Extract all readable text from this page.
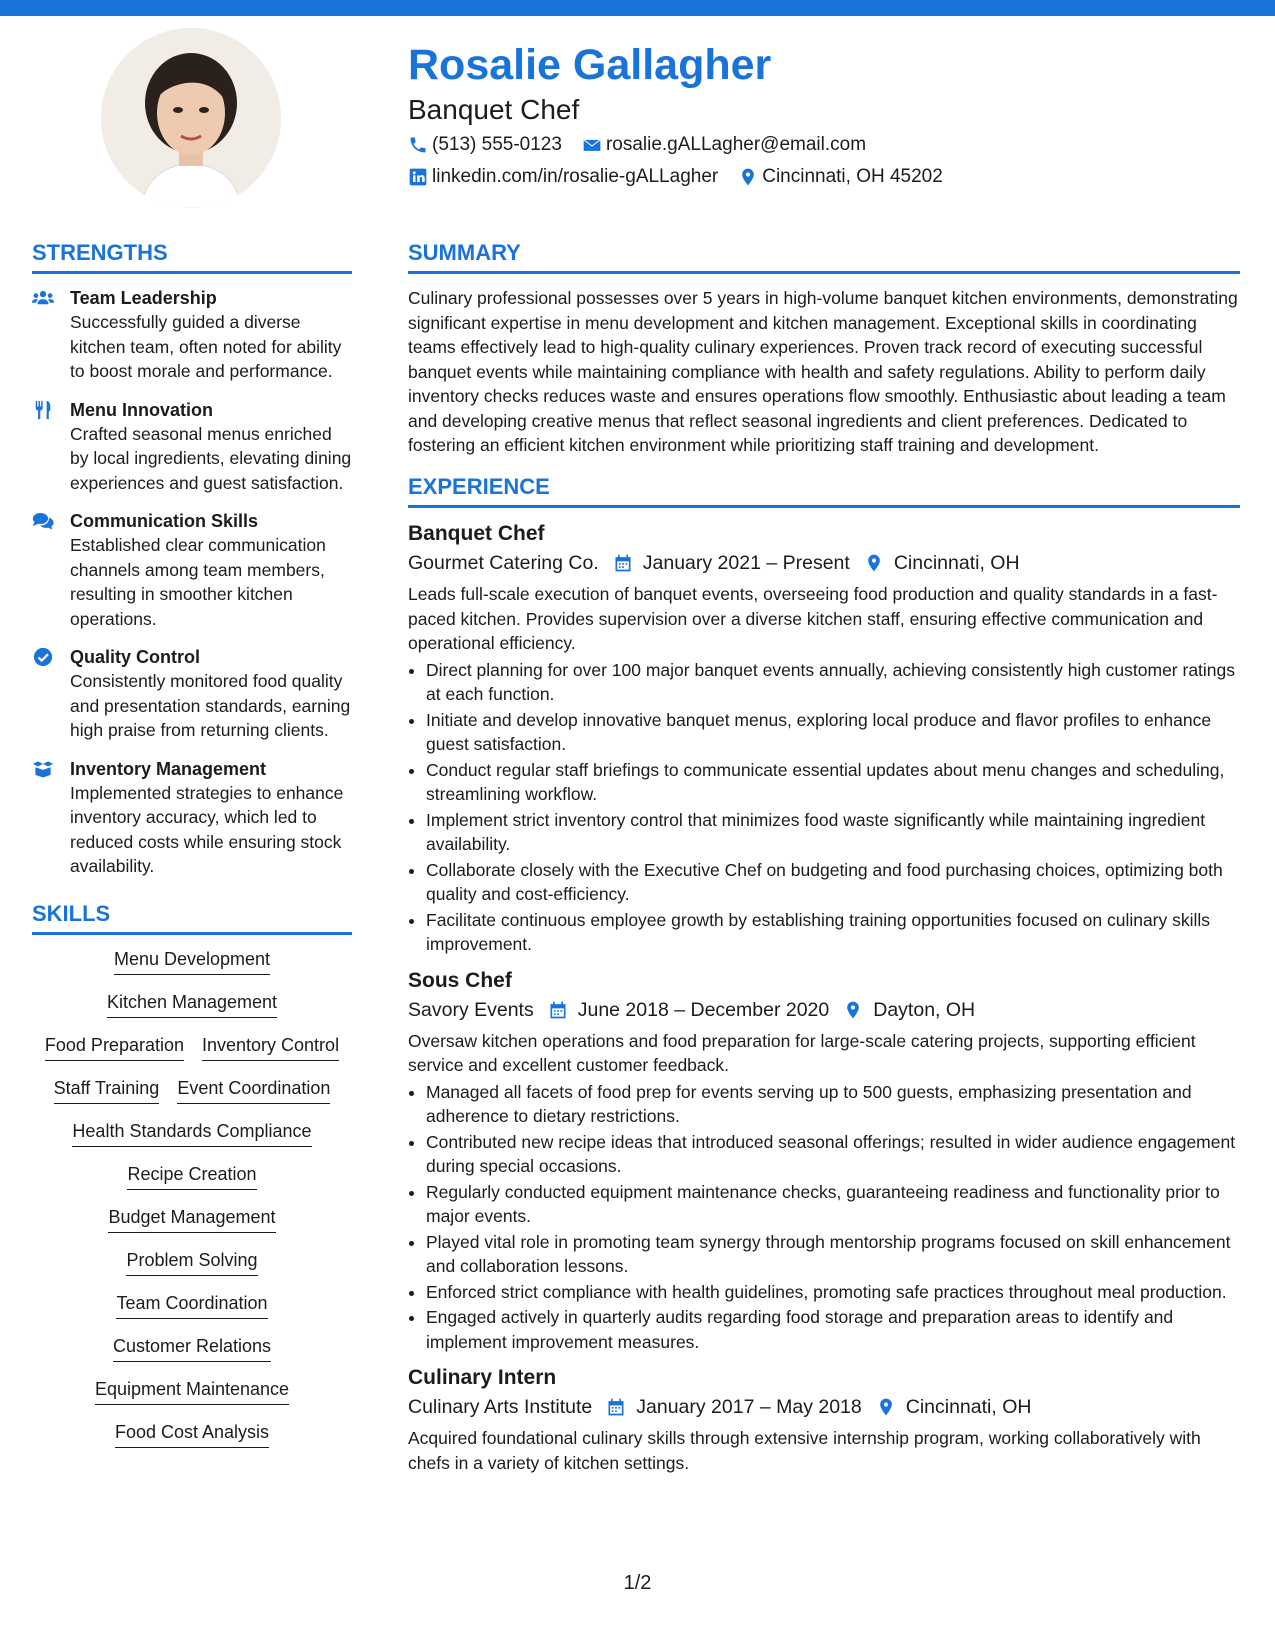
Rosalie Gallagher
Banquet Chef
(513) 555-0123 rosalie.gALLagher@email.com
linkedin.com/in/rosalie-gALLagher Cincinnati, OH 45202
STRENGTHS
Team Leadership
Successfully guided a diverse kitchen team, often noted for ability to boost morale and performance.
Menu Innovation
Crafted seasonal menus enriched by local ingredients, elevating dining experiences and guest satisfaction.
Communication Skills
Established clear communication channels among team members, resulting in smoother kitchen operations.
Quality Control
Consistently monitored food quality and presentation standards, earning high praise from returning clients.
Inventory Management
Implemented strategies to enhance inventory accuracy, which led to reduced costs while ensuring stock availability.
SKILLS
Menu Development
Kitchen Management
Food Preparation Inventory Control
Staff Training Event Coordination
Health Standards Compliance
Recipe Creation
Budget Management
Problem Solving
Team Coordination
Customer Relations
Equipment Maintenance
Food Cost Analysis
SUMMARY

Culinary professional possesses over 5 years in high-volume banquet kitchen environments, demonstrating significant expertise in menu development and kitchen management. Exceptional skills in coordinating teams effectively lead to high-quality culinary experiences. Proven track record of executing successful banquet events while maintaining compliance with health and safety regulations. Ability to perform daily inventory checks reduces waste and ensures operations flow smoothly. Enthusiastic about leading a team and developing creative menus that reflect seasonal ingredients and client preferences. Dedicated to fostering an efficient kitchen environment while prioritizing staff training and development.

EXPERIENCE
Banquet Chef
Gourmet Catering Co. January 2021 – Present Cincinnati, OH
Leads full-scale execution of banquet events, overseeing food production and quality standards in a fast-paced kitchen. Provides supervision over a diverse kitchen staff, ensuring effective communication and operational efficiency.
• Direct planning for over 100 major banquet events annually, achieving consistently high customer ratings at each function.
• Initiate and develop innovative banquet menus, exploring local produce and flavor profiles to enhance guest satisfaction.
• Conduct regular staff briefings to communicate essential updates about menu changes and scheduling, streamlining workflow.
• Implement strict inventory control that minimizes food waste significantly while maintaining ingredient availability.
• Collaborate closely with the Executive Chef on budgeting and food purchasing choices, optimizing both quality and cost-efficiency.
• Facilitate continuous employee growth by establishing training opportunities focused on culinary skills improvement.
Sous Chef
Savory Events June 2018 – December 2020 Dayton, OH
Oversaw kitchen operations and food preparation for large-scale catering projects, supporting efficient service and excellent customer feedback.
• Managed all facets of food prep for events serving up to 500 guests, emphasizing presentation and adherence to dietary restrictions.
• Contributed new recipe ideas that introduced seasonal offerings; resulted in wider audience engagement during special occasions.
• Regularly conducted equipment maintenance checks, guaranteeing readiness and functionality prior to major events.
• Played vital role in promoting team synergy through mentorship programs focused on skill enhancement and collaboration lessons.
• Enforced strict compliance with health guidelines, promoting safe practices throughout meal production.
• Engaged actively in quarterly audits regarding food storage and preparation areas to identify and implement improvement measures.
Culinary Intern
Culinary Arts Institute January 2017 – May 2018 Cincinnati, OH
Acquired foundational culinary skills through extensive internship program, working collaboratively with chefs in a variety of kitchen settings.
1/2
